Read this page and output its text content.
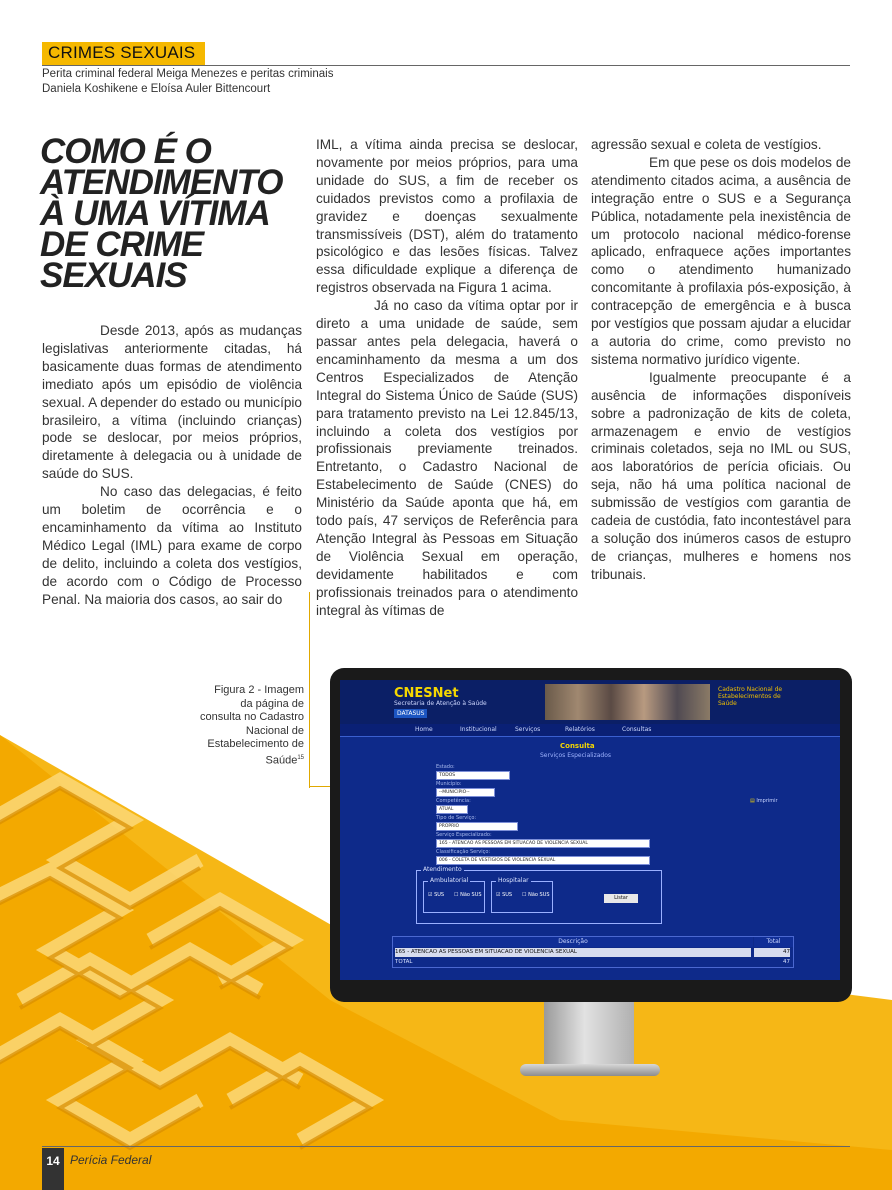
CRIMES SEXUAIS
Perita criminal federal Meiga Menezes e peritas criminais
Daniela Koshikene e Eloísa Auler Bittencourt
COMO É O
ATENDIMENTO
À UMA VÍTIMA
DE CRIME
SEXUAIS

Desde 2013, após as mudanças legislativas anteriormente citadas, há basicamente duas formas de atendimento imediato após um episódio de violência sexual. A depender do estado ou município brasileiro, a vítima (incluindo crianças) pode se deslocar, por meios próprios, diretamente à delegacia ou à unidade de saúde do SUS.

No caso das delegacias, é feito um boletim de ocorrência e o encaminhamento da vítima ao Instituto Médico Legal (IML) para exame de corpo de delito, incluindo a coleta dos vestígios, de acordo com o Código de Processo Penal. Na maioria dos casos, ao sair do

IML, a vítima ainda precisa se deslocar, novamente por meios próprios, para uma unidade do SUS, a fim de receber os cuidados previstos como a profilaxia de gravidez e doenças sexualmente transmissíveis (DST), além do tratamento psicológico e das lesões físicas. Talvez essa dificuldade explique a diferença de registros observada na Figura 1 acima.

Já no caso da vítima optar por ir direto a uma unidade de saúde, sem passar antes pela delegacia, haverá o encaminhamento da mesma a um dos Centros Especializados de Atenção Integral do Sistema Único de Saúde (SUS) para tratamento previsto na Lei 12.845/13, incluindo a coleta dos vestígios por profissionais previamente treinados. Entretanto, o Cadastro Nacional de Estabelecimento de Saúde (CNES) do Ministério da Saúde aponta que há, em todo país, 47 serviços de Referência para Atenção Integral às Pessoas em Situação de Violência Sexual em operação, devidamente habilitados e com profissionais treinados para o atendimento integral às vítimas de

agressão sexual e coleta de vestígios.

Em que pese os dois modelos de atendimento citados acima, a ausência de integração entre o SUS e a Segurança Pública, notadamente pela inexistência de um protocolo nacional médico-forense aplicado, enfraquece ações importantes como o atendimento humanizado concomitante à profilaxia pós-exposição, à contracepção de emergência e à busca por vestígios que possam ajudar a elucidar a autoria do crime, como previsto no sistema normativo jurídico vigente.

Igualmente preocupante é a ausência de informações disponíveis sobre a padronização de kits de coleta, armazenagem e envio de vestígios criminais coletados, seja no IML ou SUS, aos laboratórios de perícia oficiais. Ou seja, não há uma política nacional de submissão de vestígios com garantia de cadeia de custódia, fato incontestável para a solução dos inúmeros casos de estupro de crianças, mulheres e homens nos tribunais.

Figura 2 - Imagem da página de consulta no Cadastro Nacional de Estabelecimento de Saúde$^{15}$
CNESNet
Secretaria de Atenção à Saúde
DATASUS
Cadastro Nacional de Estabelecimentos de Saúde
Home	Institucional	Serviços	Relatórios	Consultas
Consulta
Serviços Especializados
Estado:
TODOS
Município:
--MUNICIPIO--
Competência:
ATUAL
Tipo de Serviço:
PROPRIO
Serviço Especializado:
165 - ATENCAO AS PESSOAS EM SITUACAO DE VIOLENCIA SEXUAL
Classificação Serviço:
006 - COLETA DE VESTIGIOS DE VIOLENCIA SEXUAL
Atendimento
Ambulatorial
☑ SUS ☐ Não SUS
Hospitalar
☑ SUS ☐ Não SUS	Listar
▤ Imprimir
Descrição	Total
165 - ATENCAO AS PESSOAS EM SITUACAO DE VIOLENCIA SEXUAL	47
TOTAL	47
14 Perícia Federal
